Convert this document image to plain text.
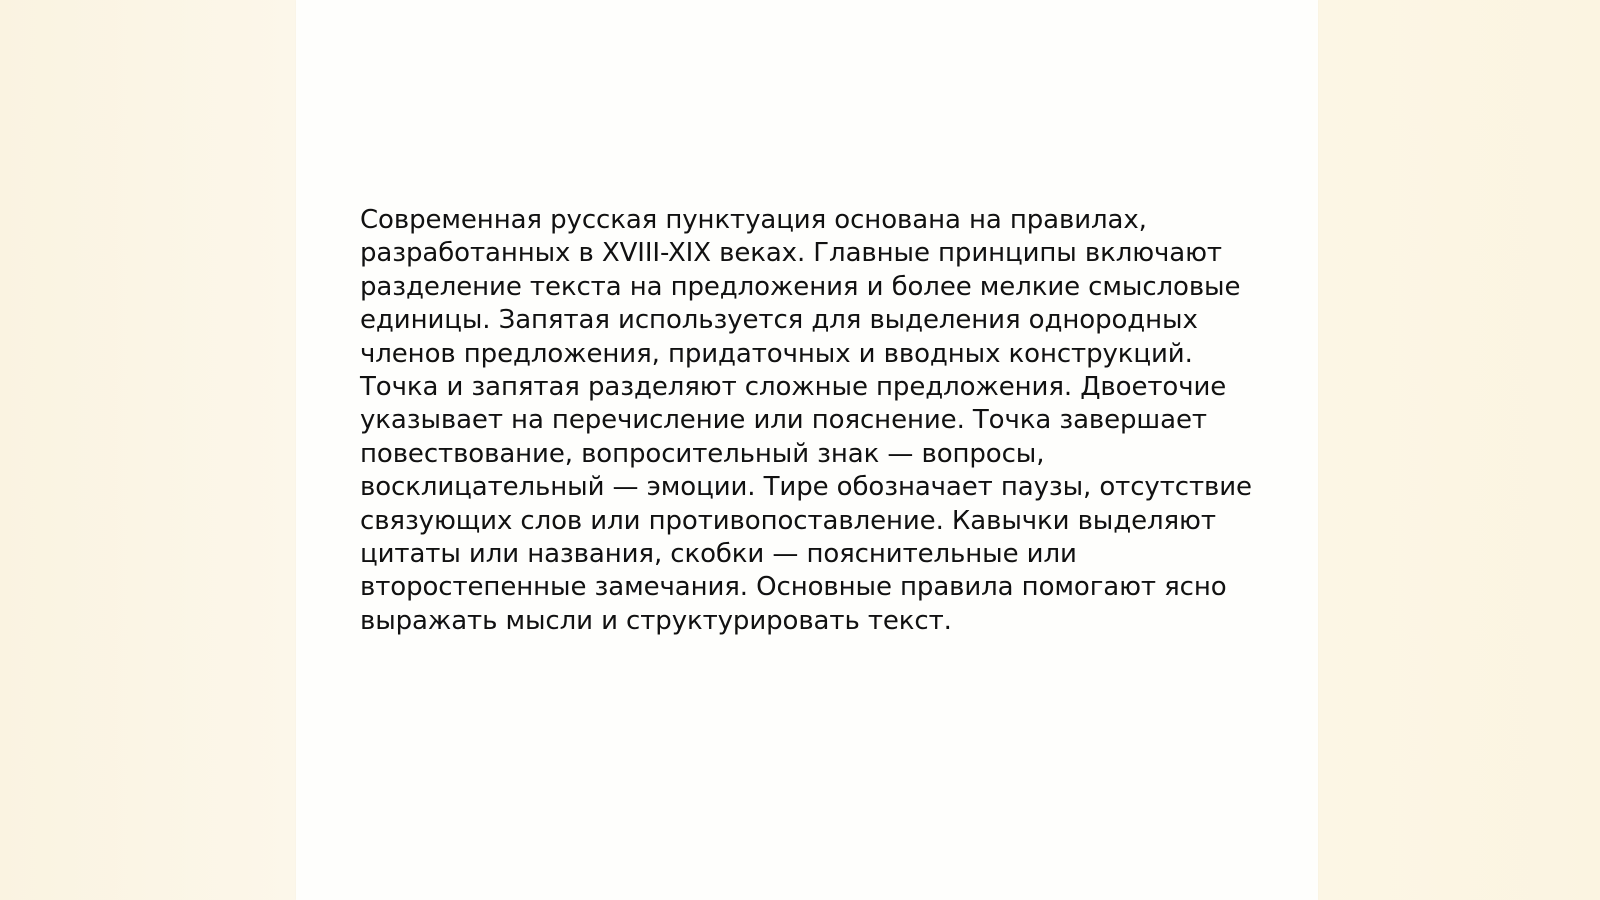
Современная русская пунктуация основана на правилах, разработанных в XVIII-XIX веках. Главные принципы включают разделение текста на предложения и более мелкие смысловые единицы. Запятая используется для выделения однородных членов предложения, придаточных и вводных конструкций. Точка и запятая разделяют сложные предложения. Двоеточие указывает на перечисление или пояснение. Точка завершает повествование, вопросительный знак — вопросы, восклицательный — эмоции. Тире обозначает паузы, отсутствие связующих слов или противопоставление. Кавычки выделяют цитаты или названия, скобки — пояснительные или второстепенные замечания. Основные правила помогают ясно выражать мысли и структурировать текст.
